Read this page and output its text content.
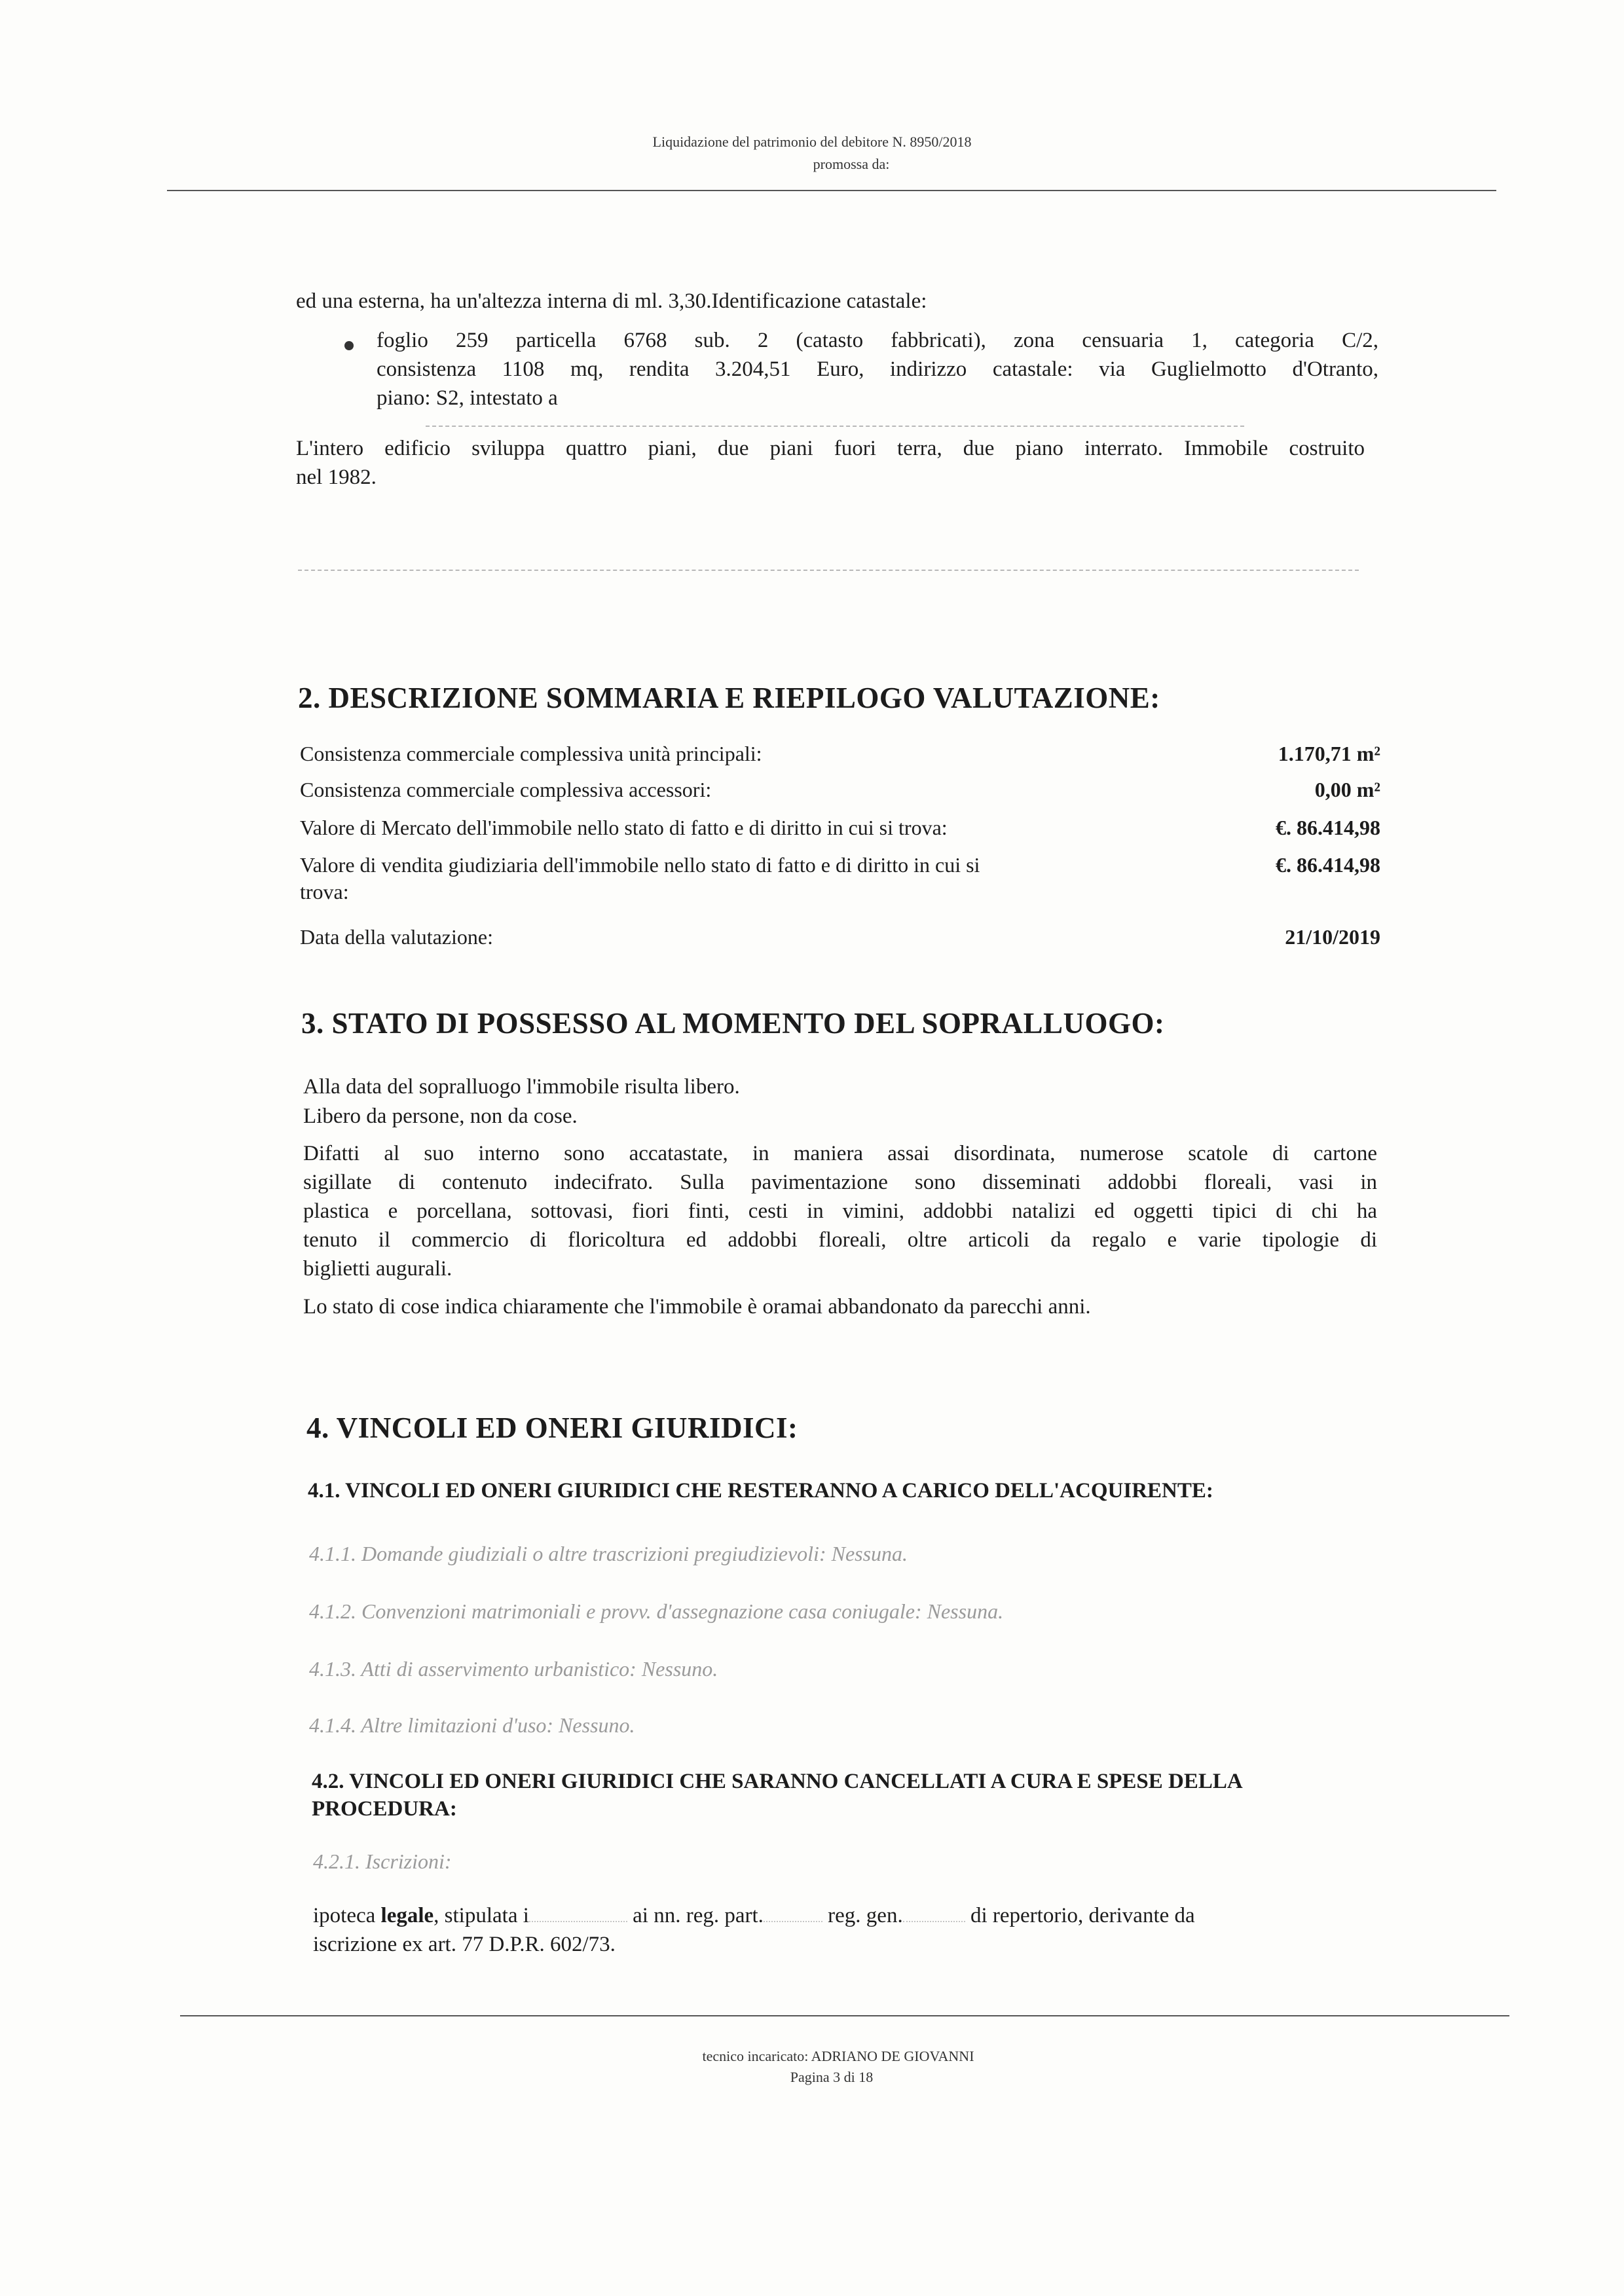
Liquidazione del patrimonio del debitore N. 8950/2018
promossa da:
ed una esterna, ha un'altezza interna di ml. 3,30.Identificazione catastale:
foglio 259 particella 6768 sub. 2 (catasto fabbricati), zona censuaria 1, categoria C/2,
consistenza 1108 mq, rendita 3.204,51 Euro, indirizzo catastale: via Guglielmotto d'Otranto,
piano: S2, intestato a
L'intero edificio sviluppa quattro piani, due piani fuori terra, due piano interrato. Immobile costruito
nel 1982.
2. DESCRIZIONE SOMMARIA E RIEPILOGO VALUTAZIONE:
Consistenza commerciale complessiva unità principali:	1.170,71 m²
Consistenza commerciale complessiva accessori:	0,00 m²
Valore di Mercato dell'immobile nello stato di fatto e di diritto in cui si trova:	€. 86.414,98
Valore di vendita giudiziaria dell'immobile nello stato di fatto e di diritto in cui si	€. 86.414,98
trova:
Data della valutazione:	21/10/2019
3. STATO DI POSSESSO AL MOMENTO DEL SOPRALLUOGO:
Alla data del sopralluogo l'immobile risulta libero.
Libero da persone, non da cose.
Difatti al suo interno sono accatastate, in maniera assai disordinata, numerose scatole di cartone
sigillate di contenuto indecifrato. Sulla pavimentazione sono disseminati addobbi floreali, vasi in
plastica e porcellana, sottovasi, fiori finti, cesti in vimini, addobbi natalizi ed oggetti tipici di chi ha
tenuto il commercio di floricoltura ed addobbi floreali, oltre articoli da regalo e varie tipologie di
biglietti augurali.
Lo stato di cose indica chiaramente che l'immobile è oramai abbandonato da parecchi anni.
4. VINCOLI ED ONERI GIURIDICI:
4.1. VINCOLI ED ONERI GIURIDICI CHE RESTERANNO A CARICO DELL'ACQUIRENTE:
4.1.1. Domande giudiziali o altre trascrizioni pregiudizievoli: Nessuna.
4.1.2. Convenzioni matrimoniali e provv. d'assegnazione casa coniugale: Nessuna.
4.1.3. Atti di asservimento urbanistico: Nessuno.
4.1.4. Altre limitazioni d'uso: Nessuno.
4.2. VINCOLI ED ONERI GIURIDICI CHE SARANNO CANCELLATI A CURA E SPESE DELLA
PROCEDURA:
4.2.1. Iscrizioni:
ipoteca legale, stipulata i	ai nn. reg. part.	reg. gen.	di repertorio, derivante da
iscrizione ex art. 77 D.P.R. 602/73.
tecnico incaricato: ADRIANO DE GIOVANNI
Pagina 3 di 18
